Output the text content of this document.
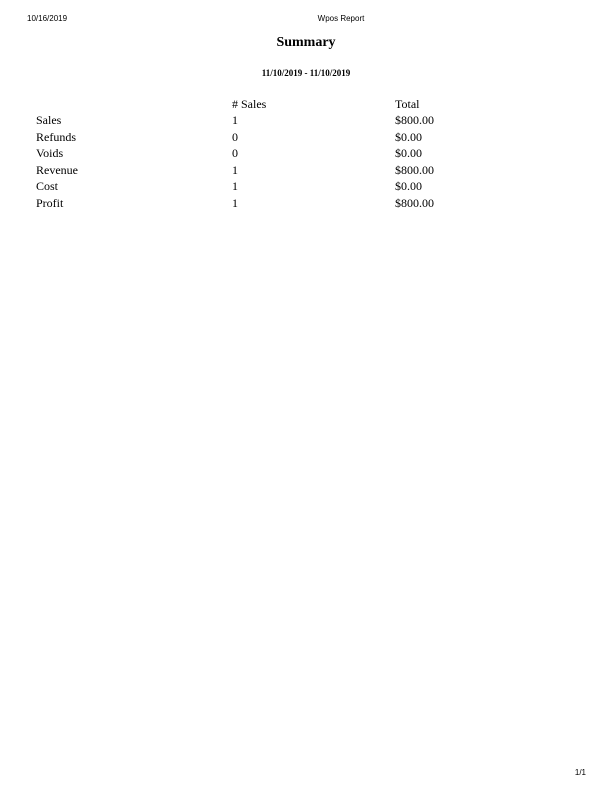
10/16/2019	Wpos Report
Summary
11/10/2019 - 11/10/2019
	# Sales	Total
Sales	1	$800.00
Refunds	0	$0.00
Voids	0	$0.00
Revenue	1	$800.00
Cost	1	$0.00
Profit	1	$800.00
1/1
